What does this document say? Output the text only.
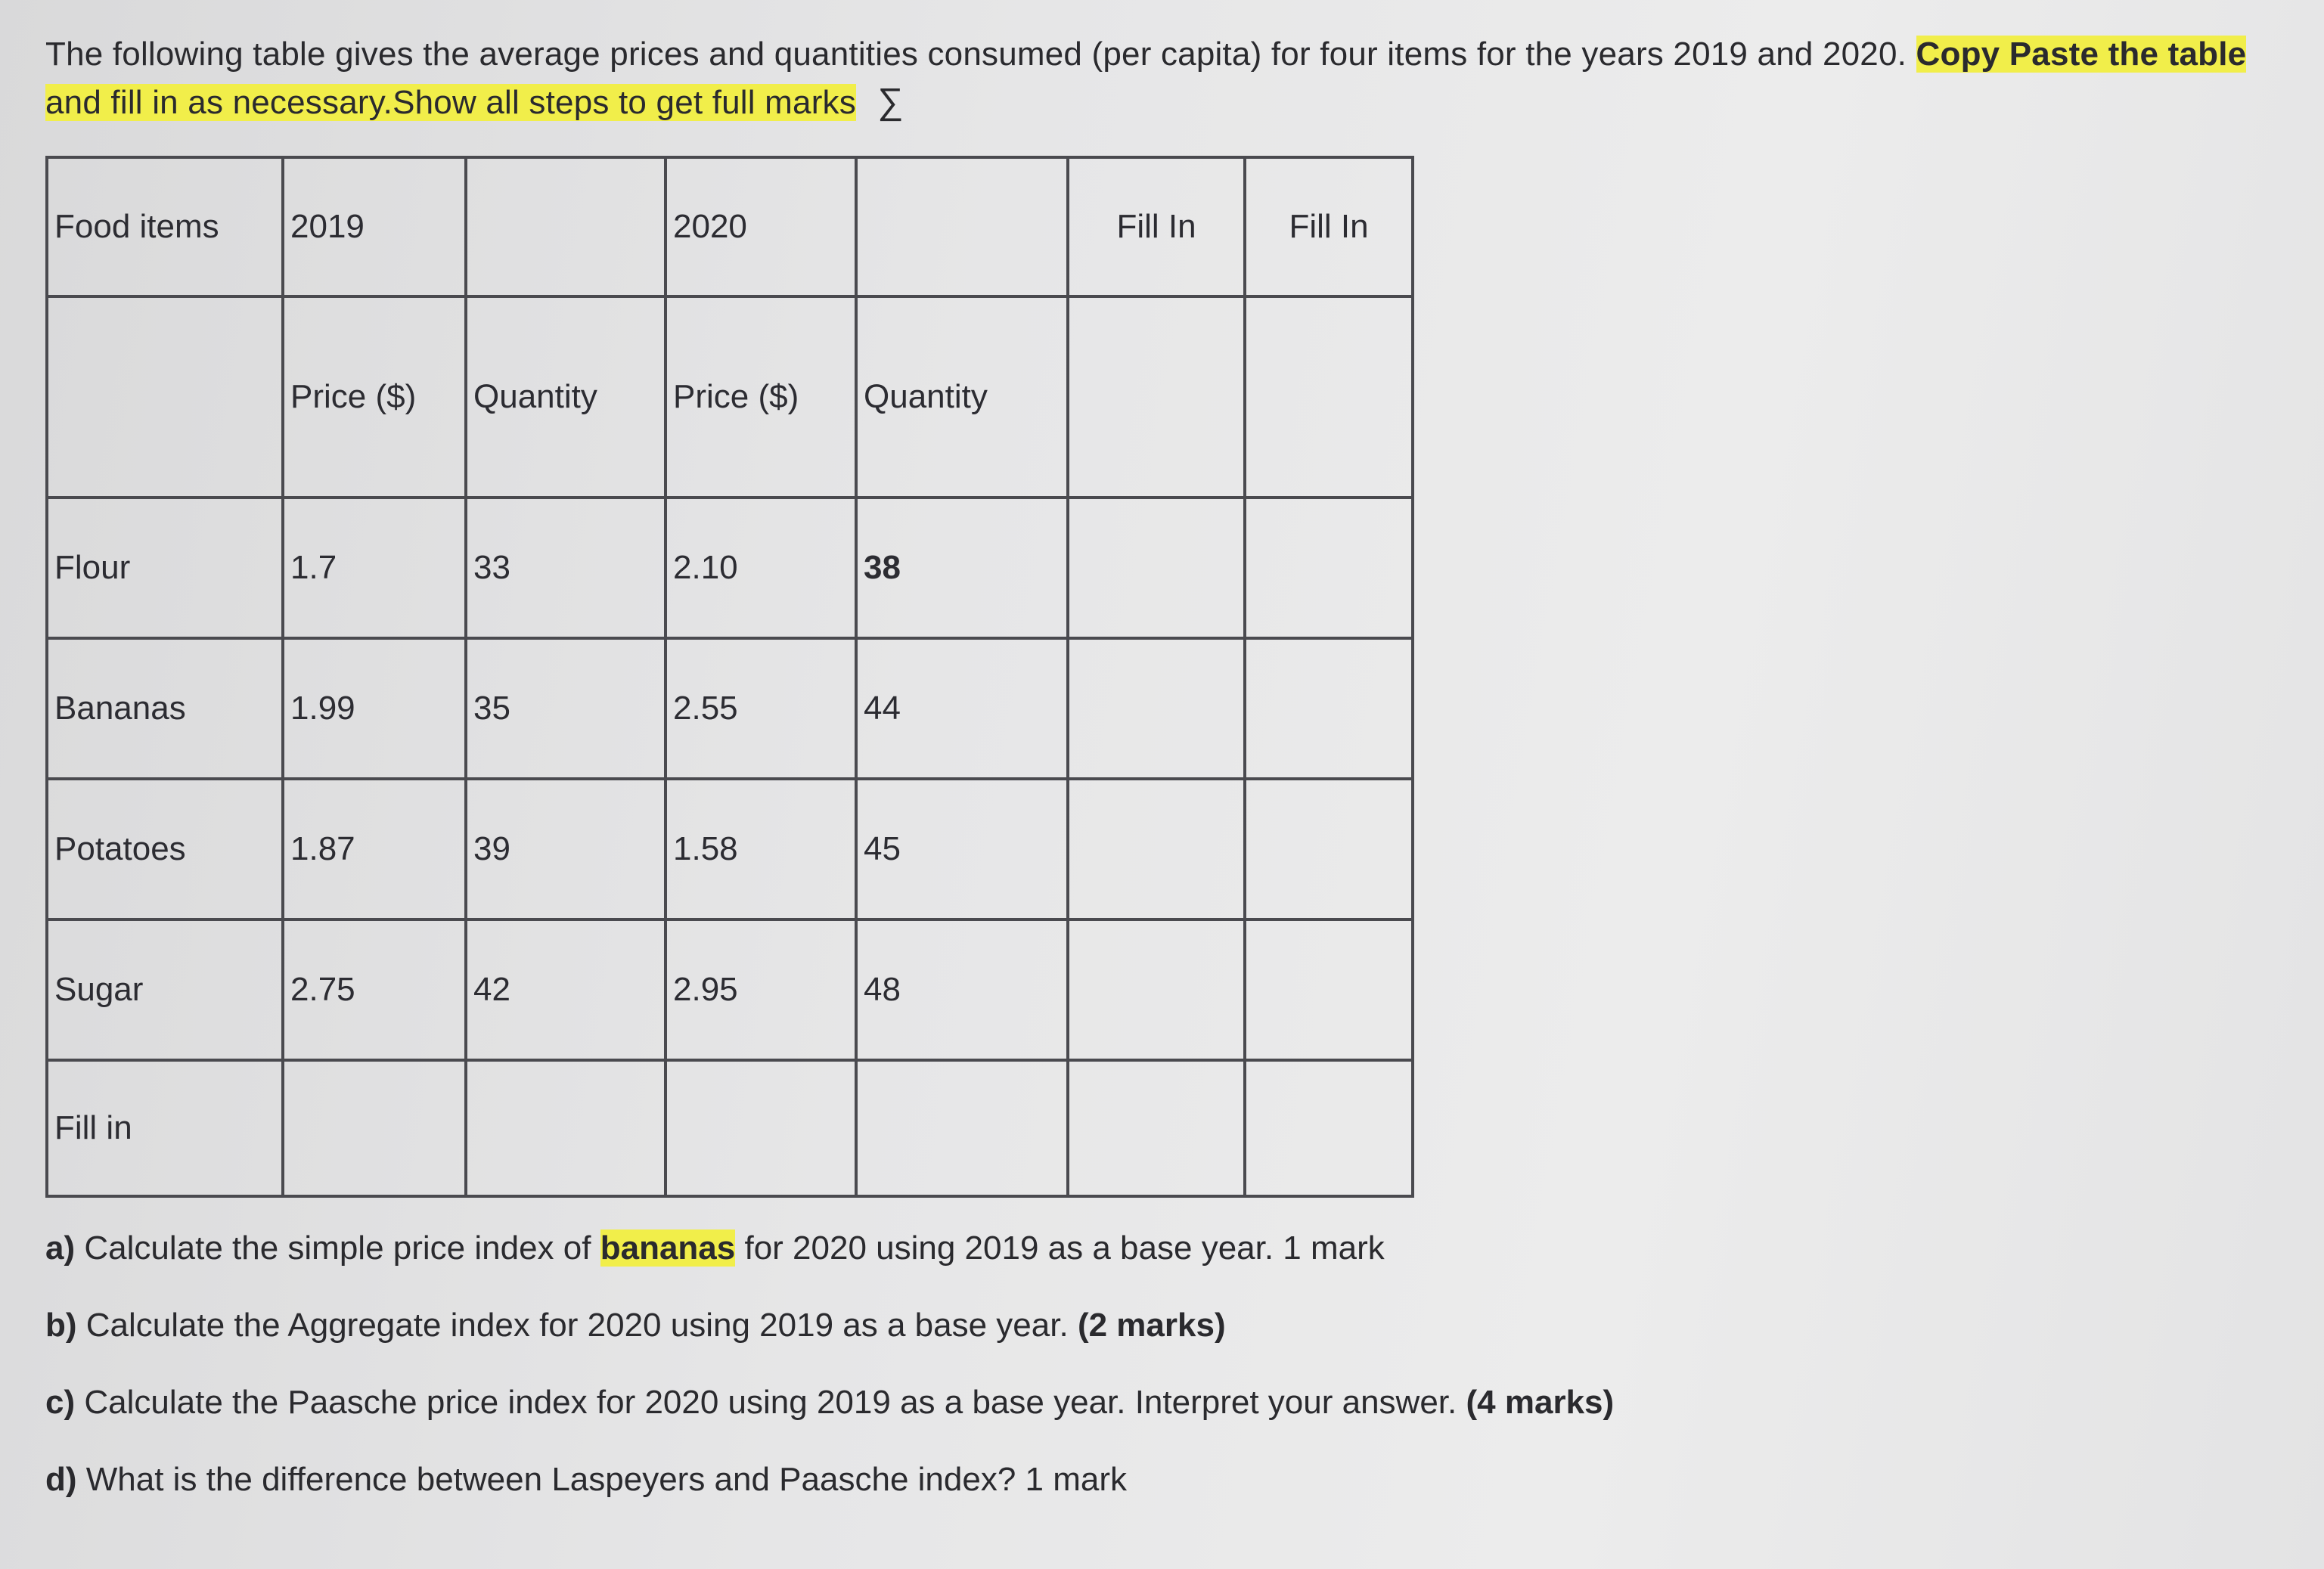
The following table gives the average prices and quantities consumed (per capita) for four items for the years 2019 and 2020. Copy Paste the table and fill in as necessary.Show all steps to get full marks ∑
Food items	2019		2020		Fill In	Fill In
	Price ($)	Quantity	Price ($)	Quantity		
Flour	1.7	33	2.10	38		
Bananas	1.99	35	2.55	44		
Potatoes	1.87	39	1.58	45		
Sugar	2.75	42	2.95	48		
Fill in						
a) Calculate the simple price index of bananas for 2020 using 2019 as a base year. 1 mark
b) Calculate the Aggregate index for 2020 using 2019 as a base year. (2 marks)
c) Calculate the Paasche price index for 2020 using 2019 as a base year. Interpret your answer. (4 marks)
d) What is the difference between Laspeyers and Paasche index? 1 mark
